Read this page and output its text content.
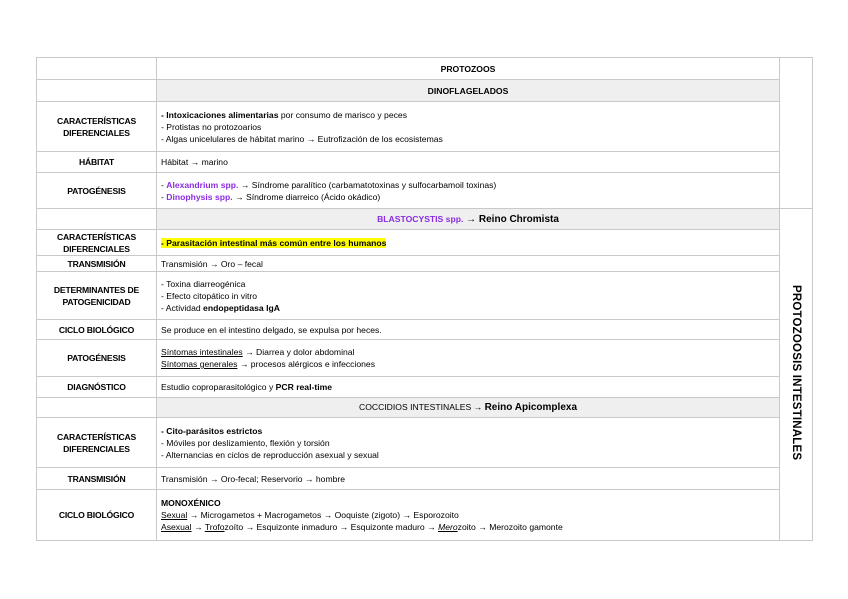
	PROTOZOOS	
	DINOFLAGELADOS	
CARACTERÍSTICAS DIFERENCIALES	- Intoxicaciones alimentarias por consumo de marisco y peces
- Protistas no protozoarios
- Algas unicelulares de hábitat marino → Eutrofización de los ecosistemas	

HÁBITAT	Hábitat → marino	
PATOGÉNESIS	- Alexandrium spp. → Síndrome paralítico (carbamatotoxinas y sulfocarbamoil toxinas)
- Dinophysis spp. → Síndrome diarreico (Ácido okádico)	

	BLASTOCYSTIS spp. → Reino Chromista	PROTOZOOSIS INTESTINALES
CARACTERÍSTICAS DIFERENCIALES	- Parasitación intestinal más común entre los humanos	
TRANSMISIÓN	Transmisión → Oro – fecal	
DETERMINANTES DE PATOGENICIDAD	- Toxina diarreogénica
- Efecto citopático in vitro
- Actividad endopeptidasa IgA	

CICLO BIOLÓGICO	Se produce en el intestino delgado, se expulsa por heces.	
PATOGÉNESIS	Síntomas intestinales → Diarrea y dolor abdominal
Síntomas generales → procesos alérgicos e infecciones	

DIAGNÓSTICO	Estudio coproparasitológico y PCR real-time	
	COCCIDIOS INTESTINALES → Reino Apicomplexa	
CARACTERÍSTICAS DIFERENCIALES	- Cito-parásitos estrictos
- Móviles por deslizamiento, flexión y torsión
- Alternancias en ciclos de reproducción asexual y sexual	

TRANSMISIÓN	Transmisión → Oro-fecal; Reservorio → hombre	
CICLO BIOLÓGICO	MONOXÉNICO
Sexual → Microgametos + Macrogametos → Ooquiste (zigoto) → Esporozoito
Asexual → Trofozoíto → Esquizonte inmaduro → Esquizonte maduro → Merozoito → Merozoito gamonte	
